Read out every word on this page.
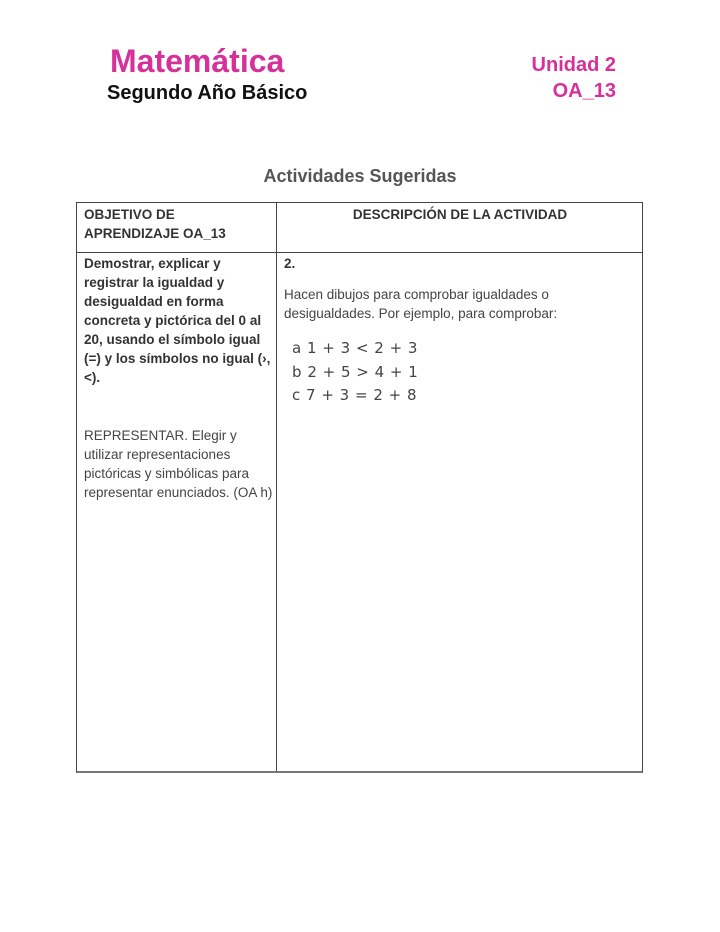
Matemática
Segundo Año Básico
Unidad 2
OA_13
Actividades Sugeridas
OBJETIVO DE APRENDIZAJE OA_13
DESCRIPCIÓN DE LA ACTIVIDAD
Demostrar, explicar y registrar la igualdad y desigualdad en forma concreta y pictórica del 0 al 20, usando el símbolo igual (=) y los símbolos no igual (›,<).
REPRESENTAR. Elegir y utilizar representaciones pictóricas y simbólicas para representar enunciados. (OA h)
2.
Hacen dibujos para comprobar igualdades o desigualdades. Por ejemplo, para comprobar:
a 1 + 3 < 2 + 3
b 2 + 5 > 4 + 1
c 7 + 3 = 2 + 8
